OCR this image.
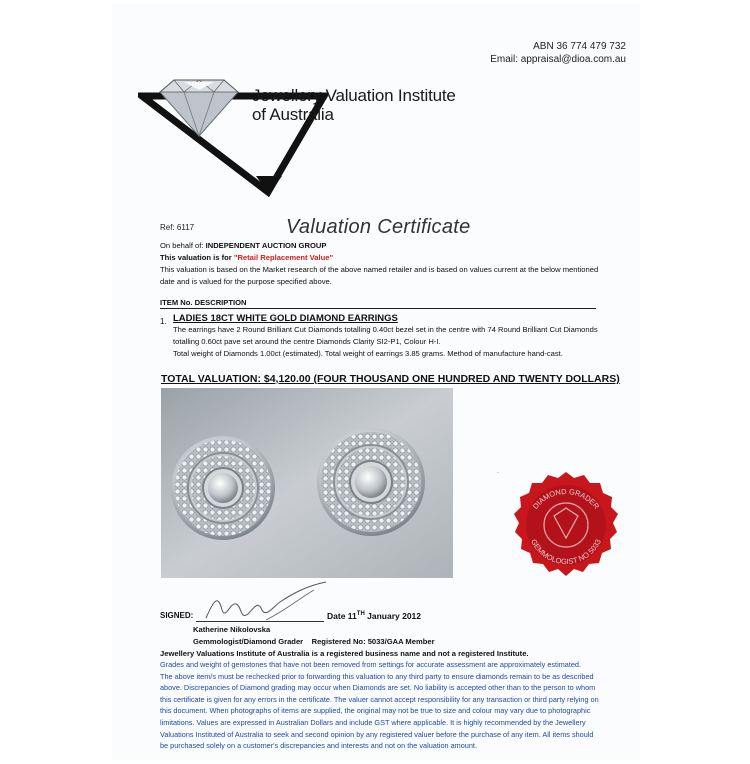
ABN 36 774 479 732
Email: appraisal@dioa.com.au
Jewellery Valuation Institute
of Australia
Ref: 6117	Valuation Certificate
On behalf of: INDEPENDENT AUCTION GROUP
This valuation is for "Retail Replacement Value"
This valuation is based on the Market research of the above named retailer and is based on values current at the below mentioned
date and is valued for the purpose specified above.
ITEM No. DESCRIPTION
1. LADIES 18CT WHITE GOLD DIAMOND EARRINGS
The earrings have 2 Round Brilliant Cut Diamonds totalling 0.40ct bezel set in the centre with 74 Round Brilliant Cut Diamonds
totalling 0.60ct pave set around the centre Diamonds Clarity SI2-P1, Colour H-I.
Total weight of Diamonds 1.00ct (estimated). Total weight of earrings 3.85 grams. Method of manufacture hand-cast.
TOTAL VALUATION: $4,120.00 (FOUR THOUSAND ONE HUNDRED AND TWENTY DOLLARS)
.
DIAMOND GRADER
GEMMOLOGIST NO 5033
SIGNED:	Date 11TH January 2012
Katherine Nikolovska
Gemmologist/Diamond Grader Registered No: 5033/GAA Member
Jewellery Valuations Institute of Australia is a registered business name and not a registered Institute.
Grades and weight of gemstones that have not been removed from settings for accurate assessment are approximately estimated.
The above item/s must be rechecked prior to forwarding this valuation to any third party to ensure diamonds remain to be as described
above. Discrepancies of Diamond grading may occur when Diamonds are set. No liability is accepted other than to the person to whom
this certificate is given for any errors in the certificate. The valuer cannot accept responsibility for any transaction or third party relying on
this document. When photographs of items are supplied, the original may not be true to size and colour may vary due to photographic
limitations. Values are expressed in Australian Dollars and include GST where applicable. It is highly recommended by the Jewellery
Valuations Instituted of Australia to seek and second opinion by any registered valuer before the purchase of any item. All items should
be purchased solely on a customer's discrepancies and interests and not on the valuation amount.
